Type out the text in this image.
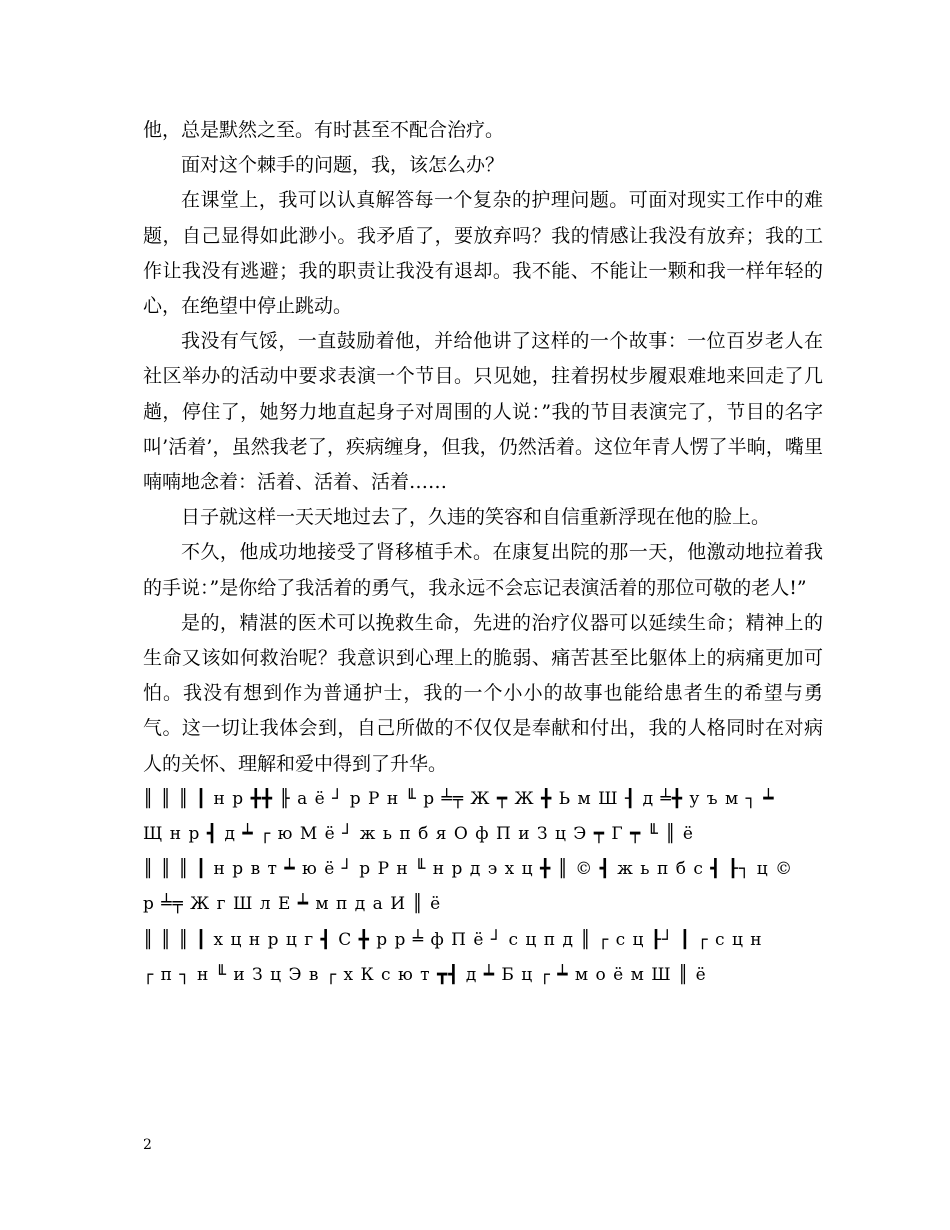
他，总是默然之至。有时甚至不配合治疗。

面对这个棘手的问题，我，该怎么办？

在课堂上，我可以认真解答每一个复杂的护理问题。可面对现实工作中的难题，自己显得如此渺小。我矛盾了，要放弃吗？我的情感让我没有放弃；我的工作让我没有逃避；我的职责让我没有退却。我不能、不能让一颗和我一样年轻的心，在绝望中停止跳动。

我没有气馁，一直鼓励着他，并给他讲了这样的一个故事：一位百岁老人在社区举办的活动中要求表演一个节目。只见她，拄着拐杖步履艰难地来回走了几趟，停住了，她努力地直起身子对周围的人说：”我的节目表演完了，节目的名字叫’活着’，虽然我老了，疾病缠身，但我，仍然活着。这位年青人愣了半晌，嘴里喃喃地念着：活着、活着、活着……

日子就这样一天天地过去了，久违的笑容和自信重新浮现在他的脸上。

不久，他成功地接受了肾移植手术。在康复出院的那一天，他激动地拉着我的手说：”是你给了我活着的勇气，我永远不会忘记表演活着的那位可敬的老人!”

是的，精湛的医术可以挽救生命，先进的治疗仪器可以延续生命；精神上的生命又该如何救治呢？我意识到心理上的脆弱、痛苦甚至比躯体上的病痛更加可怕。我没有想到作为普通护士，我的一个小小的故事也能给患者生的希望与勇气。这一切让我体会到，自己所做的不仅仅是奉献和付出，我的人格同时在对病人的关怀、理解和爱中得到了升华。

║ ║ ║ ┃ н р ╋╋ ╟ а ё ┘ р Р н ╙ р ╧╤ Ж ┯ Ж ╋ Ь м Ш ┨ д ╧╋ у ъ м ┐ ┷

Щ н р ┫ д ┷ ┌ ю М ё ┘ ж ь п б я О ф П и З ц Э ┯ Г ┯ ╙ ║ ё

║ ║ ║ ┃ н р в т ┷ ю ё ┘ р Р н ╙ н р д э х ц ╋ ║ © ┫ ж ь п б с ┫ ┠┐ ц ©

р ╧╤ Ж г Ш л Е ┷ м п д а И ║ ё

║ ║ ║ ┃ х ц н р ц г ┫ С ╋ р р ╧ ф П ё ┘ с ц п д ║ ┌ с ц ┠┘ ┃ ┌ с ц н

┌ п ┐ н ╙ и З ц Э в ┌ х К с ю т ┳┫ д ┷ Б ц ┌ ┷ м о ё м Ш ║ ё

2
